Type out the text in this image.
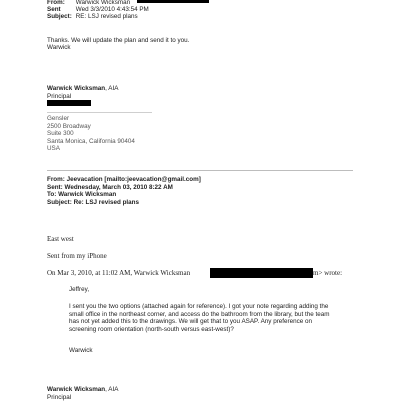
From: Warwick Wicksman
Sent Wed 3/3/2010 4:43:54 PM
Subject: RE: LSJ revised plans
Thanks. We will update the plan and send it to you.
Warwick
Warwick Wicksman, AIA
Principal
Gensler
2500 Broadway
Suite 300
Santa Monica, California 90404
USA
From: Jeevacation [mailto:jeevacation@gmail.com]
Sent: Wednesday, March 03, 2010 8:22 AM
To: Warwick Wicksman
Subject: Re: LSJ revised plans
East west
Sent from my iPhone
On Mar 3, 2010, at 11:02 AM, Warwick Wicksman	m> wrote:
Jeffrey,
I sent you the two options (attached again for reference). I got your note regarding adding the small office in the northeast corner, and access do the bathroom from the library, but the team has not yet added this to the drawings. We will get that to you ASAP. Any preference on screening room orientation (north-south versus east-west)?
Warwick
Warwick Wicksman, AIA
Principal
